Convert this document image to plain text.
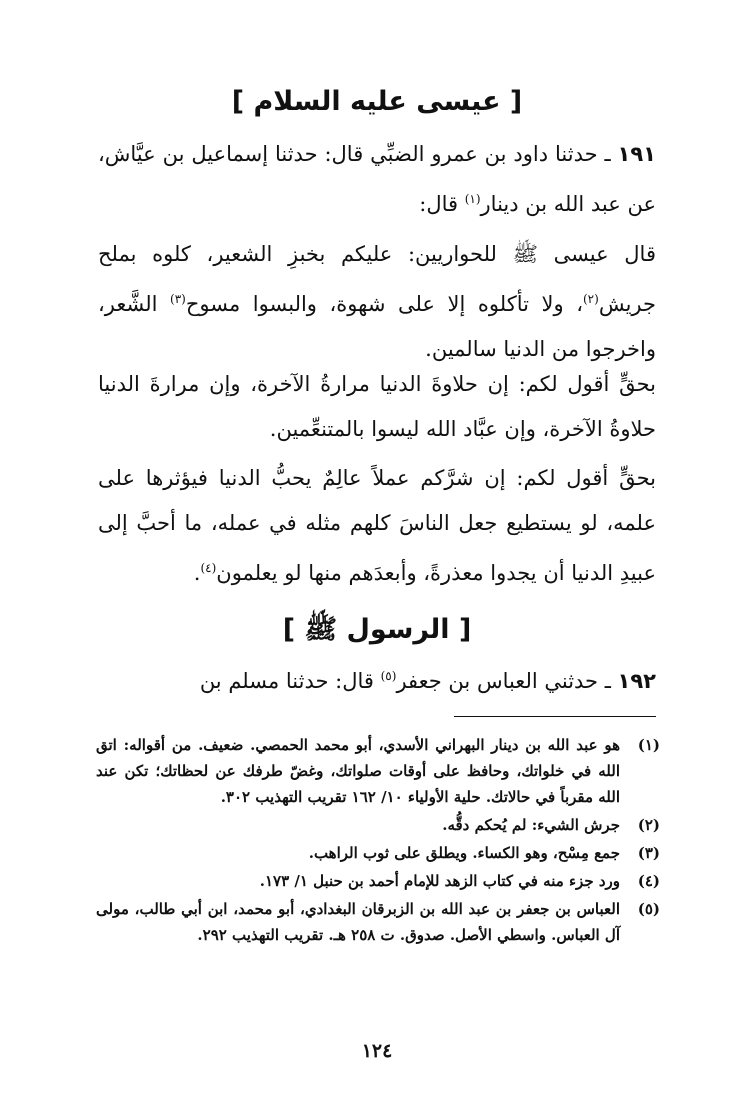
[ عيسى عليه السلام ]

١٩١ ـ حدثنا داود بن عمرو الضبِّي قال: حدثنا إسماعيل بن عيَّاش، عن عبد الله بن دينار$^{(١)}$ قال:

قال عيسى ﷺ للحواريين: عليكم بخبزِ الشعير، كلوه بملح جريش$^{(٢)}$، ولا تأكلوه إلا على شهوة، والبسوا مسوح$^{(٣)}$ الشَّعر، واخرجوا من الدنيا سالمين.

بحقٍّ أقول لكم: إن حلاوةَ الدنيا مرارةُ الآخرة، وإن مرارةَ الدنيا حلاوةُ الآخرة، وإن عبَّاد الله ليسوا بالمتنعِّمين.

بحقٍّ أقول لكم: إن شرَّكم عملاً عالِمٌ يحبُّ الدنيا فيؤثرها على علمه، لو يستطيع جعل الناسَ كلهم مثله في عمله، ما أحبَّ إلى عبيدِ الدنيا أن يجدوا معذرةً، وأبعدَهم منها لو يعلمون$^{(٤)}$.

[ الرسول ﷺ ]

١٩٢ ـ حدثني العباس بن جعفر$^{(٥)}$ قال: حدثنا مسلم بن

(١)
هو عبد الله بن دينار البهراني الأسدي، أبو محمد الحمصي. ضعيف. من أقواله: اتق الله في خلواتك، وحافظ على أوقات صلواتك، وغضّ طرفك عن لحظاتك؛ تكن عند الله مقرباً في حالاتك. حلية الأولياء ١٠/ ١٦٢ تقريب التهذيب ٣٠٢.
(٢)
جرش الشيء: لم يُحكم دقُّه.
(٣)
جمع مِسْح، وهو الكساء. ويطلق على ثوب الراهب.
(٤)
ورد جزء منه في كتاب الزهد للإمام أحمد بن حنبل ١/ ١٧٣.
(٥)
العباس بن جعفر بن عبد الله بن الزبرقان البغدادي، أبو محمد، ابن أبي طالب، مولى آل العباس. واسطي الأصل. صدوق. ت ٢٥٨ هـ. تقريب التهذيب ٢٩٢.
١٢٤
